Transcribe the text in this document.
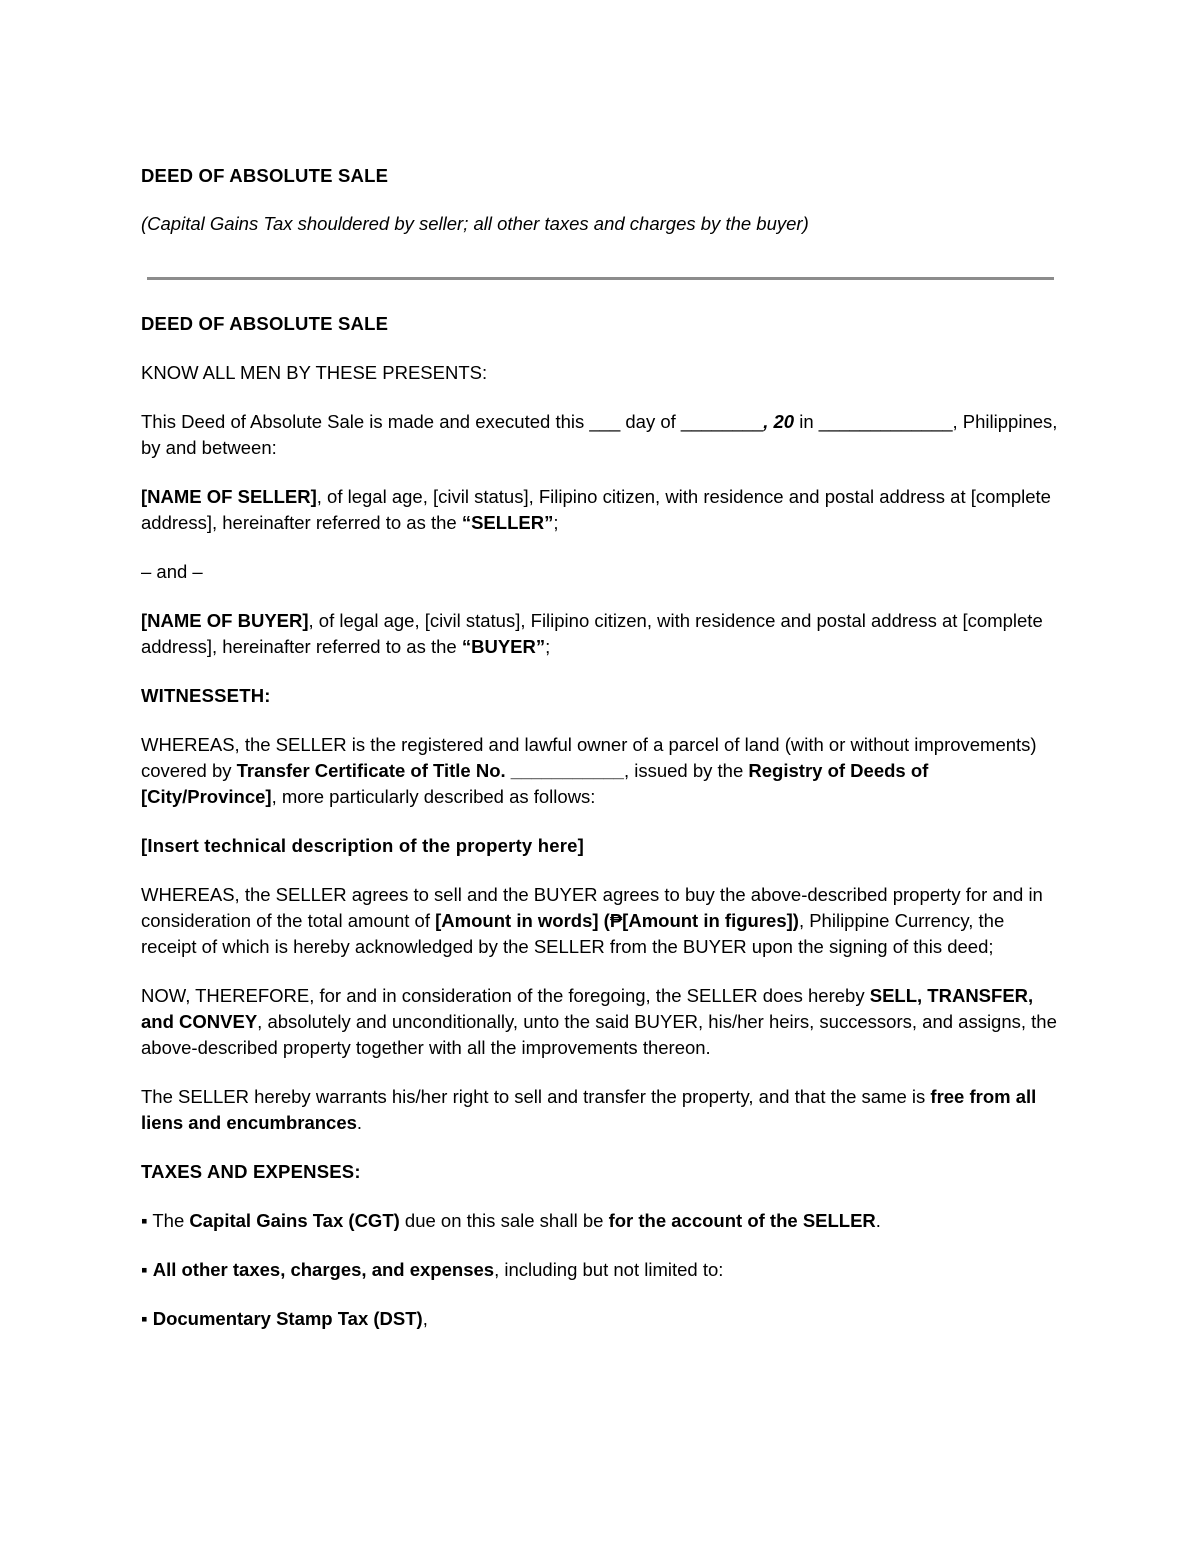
DEED OF ABSOLUTE SALE

(Capital Gains Tax shouldered by seller; all other taxes and charges by the buyer)

DEED OF ABSOLUTE SALE

KNOW ALL MEN BY THESE PRESENTS:

This Deed of Absolute Sale is made and executed this ___ day of ________, 20 in _____________, Philippines, by and between:

[NAME OF SELLER], of legal age, [civil status], Filipino citizen, with residence and postal address at [complete address], hereinafter referred to as the “SELLER”;

– and –

[NAME OF BUYER], of legal age, [civil status], Filipino citizen, with residence and postal address at [complete address], hereinafter referred to as the “BUYER”;

WITNESSETH:

WHEREAS, the SELLER is the registered and lawful owner of a parcel of land (with or without improvements) covered by Transfer Certificate of Title No. ___________, issued by the Registry of Deeds of [City/Province], more particularly described as follows:

[Insert technical description of the property here]

WHEREAS, the SELLER agrees to sell and the BUYER agrees to buy the above-described property for and in consideration of the total amount of [Amount in words] (₱[Amount in figures]), Philippine Currency, the receipt of which is hereby acknowledged by the SELLER from the BUYER upon the signing of this deed;

NOW, THEREFORE, for and in consideration of the foregoing, the SELLER does hereby SELL, TRANSFER, and CONVEY, absolutely and unconditionally, unto the said BUYER, his/her heirs, successors, and assigns, the above-described property together with all the improvements thereon.

The SELLER hereby warrants his/her right to sell and transfer the property, and that the same is free from all liens and encumbrances.

TAXES AND EXPENSES:

▪ The Capital Gains Tax (CGT) due on this sale shall be for the account of the SELLER.

▪ All other taxes, charges, and expenses, including but not limited to:

▪ Documentary Stamp Tax (DST),
